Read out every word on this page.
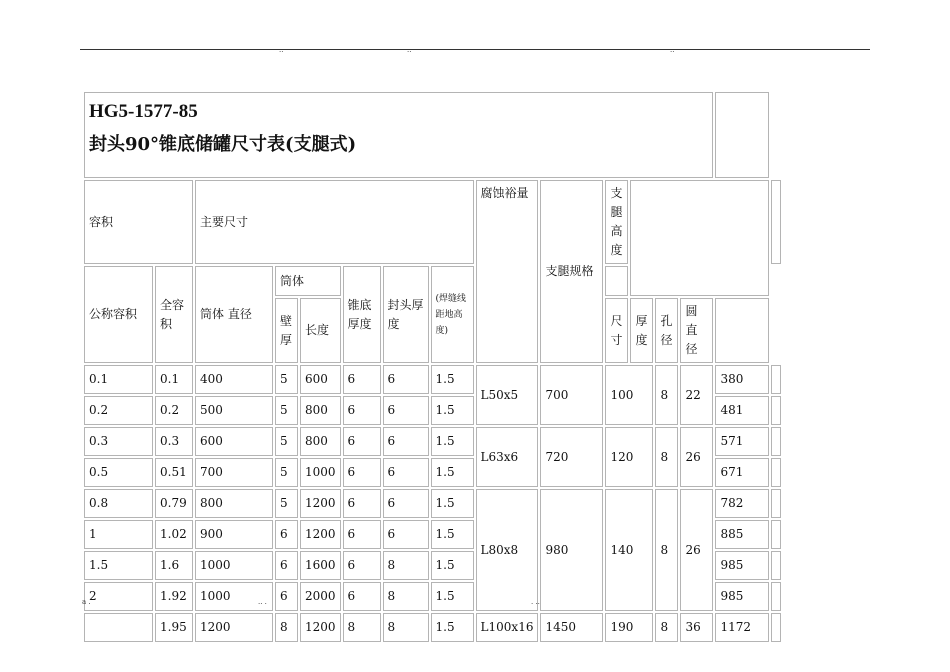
..	..	..
HG5-1577-85
封头90°锥底储罐尺寸表(支腿式)															

容积		主要尺寸						腐蚀裕量	支腿规格	支腿高度					
公称容积	全容积	筒体 直径	筒体		锥底厚度	封头厚度	(焊缝线距地高度)								
			壁厚	长度						尺寸	厚度	孔径	圆直径		
0.1	0.1	400	5	600	6	6	1.5	L50x5	700	100		8	22	380	
0.2	0.2	500	5	800	6	6	1.5							481	
0.3	0.3	600	5	800	6	6	1.5	L63x6	720	120		8	26	571	
0.5	0.51	700	5	1000	6	6	1.5							671	
0.8	0.79	800	5	1200	6	6	1.5	L80x8	980	140		8	26	782	
1	1.02	900	6	1200	6	6	1.5							885	
1.5	1.6	1000	6	1600	6	8	1.5							985	
2	1.92	1000	6	2000	6	8	1.5							985	
	1.95	1200	8	1200	8	8	1.5	L100x16	1450	190		8	36	1172	
a .	.. .	. ..
